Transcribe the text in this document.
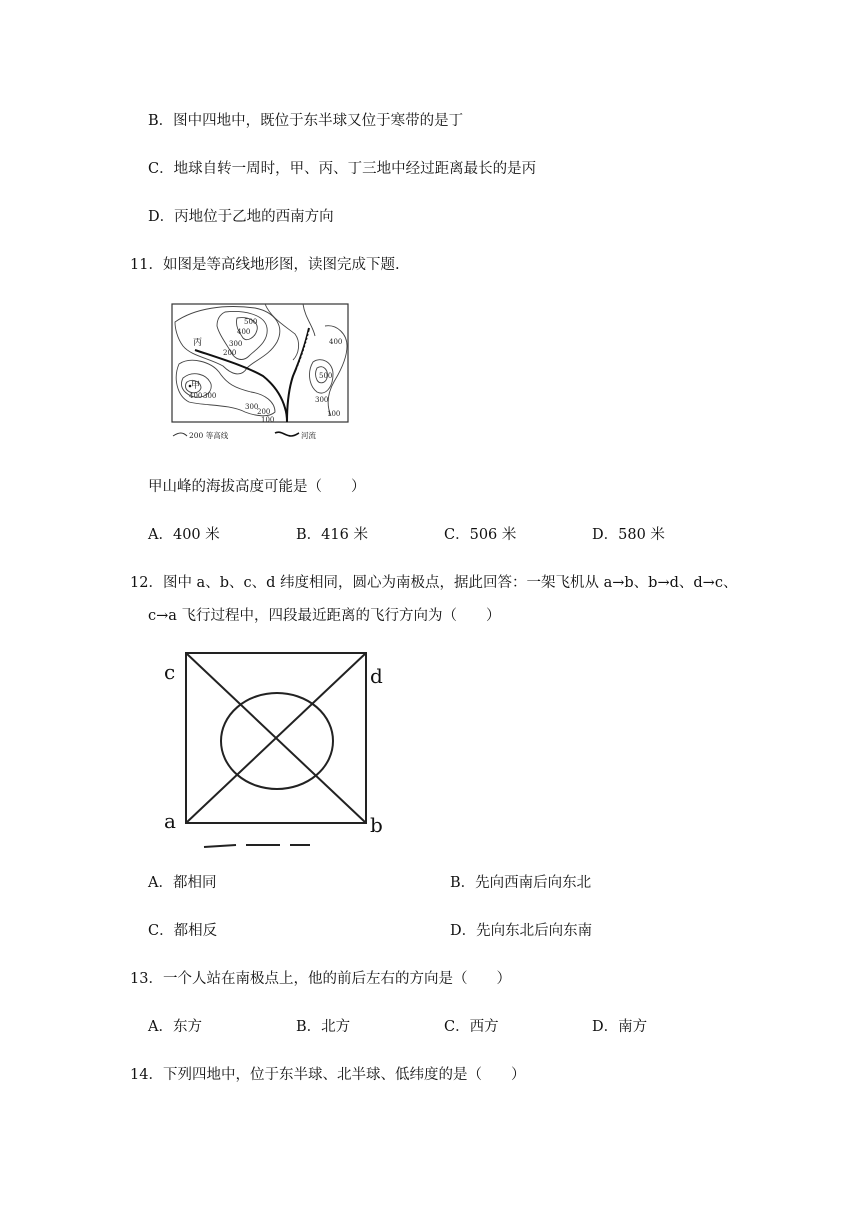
B．图中四地中，既位于东半球又位于寒带的是丁
C．地球自转一周时，甲、丙、丁三地中经过距离最长的是丙
D．丙地位于乙地的西南方向
11．如图是等高线地形图，读图完成下题.
500
400
300
200
400 300
300
200
100
400
500
300
100
丙
甲
200 等高线	河流
甲山峰的海拔高度可能是（　　）
A．400 米	B．416 米	C．506 米	D．580 米
12．图中 a、b、c、d 纬度相同，圆心为南极点，据此回答：一架飞机从 a→b、b→d、d→c、
c→a 飞行过程中，四段最近距离的飞行方向为（　　）
c	d
a	b
A．都相同	B．先向西南后向东北
C．都相反	D．先向东北后向东南
13．一个人站在南极点上，他的前后左右的方向是（　　）
A．东方	B．北方	C．西方	D．南方
14．下列四地中，位于东半球、北半球、低纬度的是（　　）
